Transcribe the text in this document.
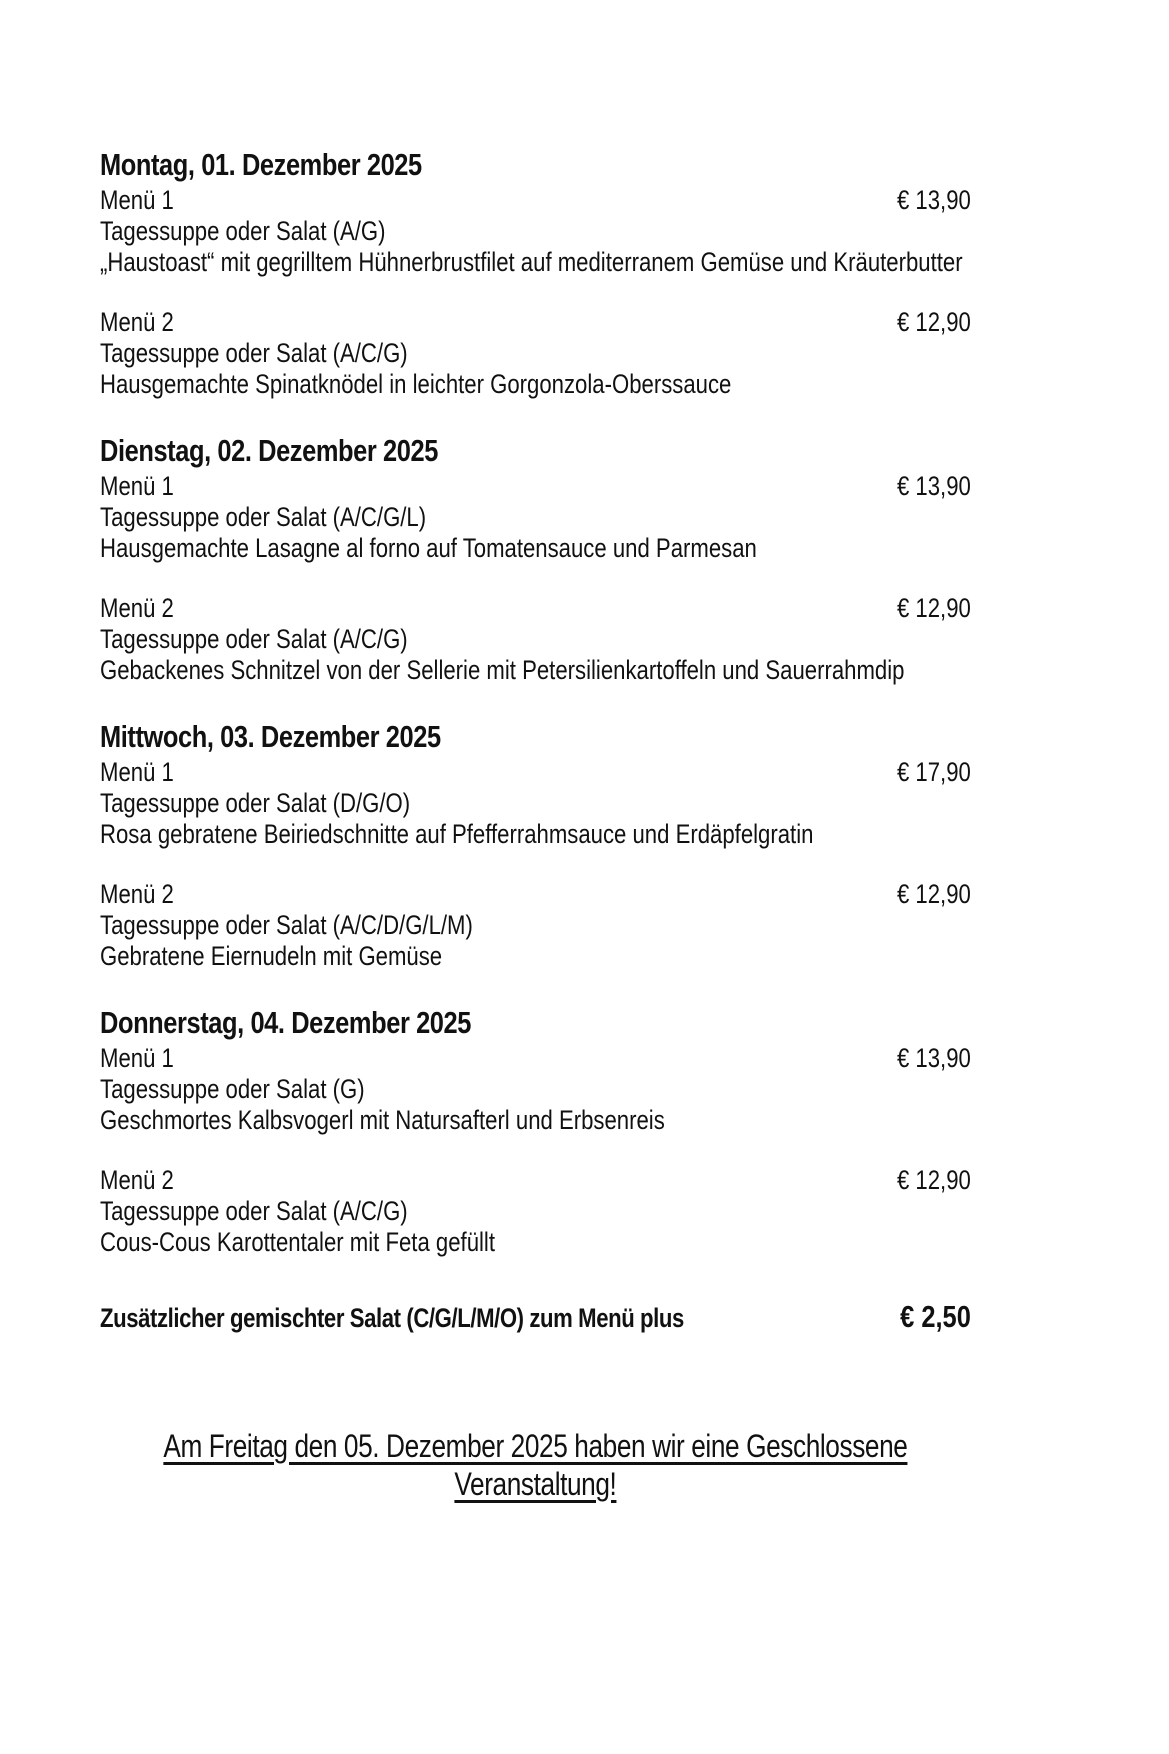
Montag, 01. Dezember 2025
Menü 1	€ 13,90
Tagessuppe oder Salat (A/G)
„Haustoast“ mit gegrilltem Hühnerbrustfilet auf mediterranem Gemüse und Kräuterbutter
Menü 2	€ 12,90
Tagessuppe oder Salat (A/C/G)
Hausgemachte Spinatknödel in leichter Gorgonzola-Oberssauce
Dienstag, 02. Dezember 2025
Menü 1	€ 13,90
Tagessuppe oder Salat (A/C/G/L)
Hausgemachte Lasagne al forno auf Tomatensauce und Parmesan
Menü 2	€ 12,90
Tagessuppe oder Salat (A/C/G)
Gebackenes Schnitzel von der Sellerie mit Petersilienkartoffeln und Sauerrahmdip
Mittwoch, 03. Dezember 2025
Menü 1	€ 17,90
Tagessuppe oder Salat (D/G/O)
Rosa gebratene Beiriedschnitte auf Pfefferrahmsauce und Erdäpfelgratin
Menü 2	€ 12,90
Tagessuppe oder Salat (A/C/D/G/L/M)
Gebratene Eiernudeln mit Gemüse
Donnerstag, 04. Dezember 2025
Menü 1	€ 13,90
Tagessuppe oder Salat (G)
Geschmortes Kalbsvogerl mit Natursafterl und Erbsenreis
Menü 2	€ 12,90
Tagessuppe oder Salat (A/C/G)
Cous-Cous Karottentaler mit Feta gefüllt
Zusätzlicher gemischter Salat (C/G/L/M/O) zum Menü plus	€ 2,50
Am Freitag den 05. Dezember 2025 haben wir eine Geschlossene Veranstaltung!
